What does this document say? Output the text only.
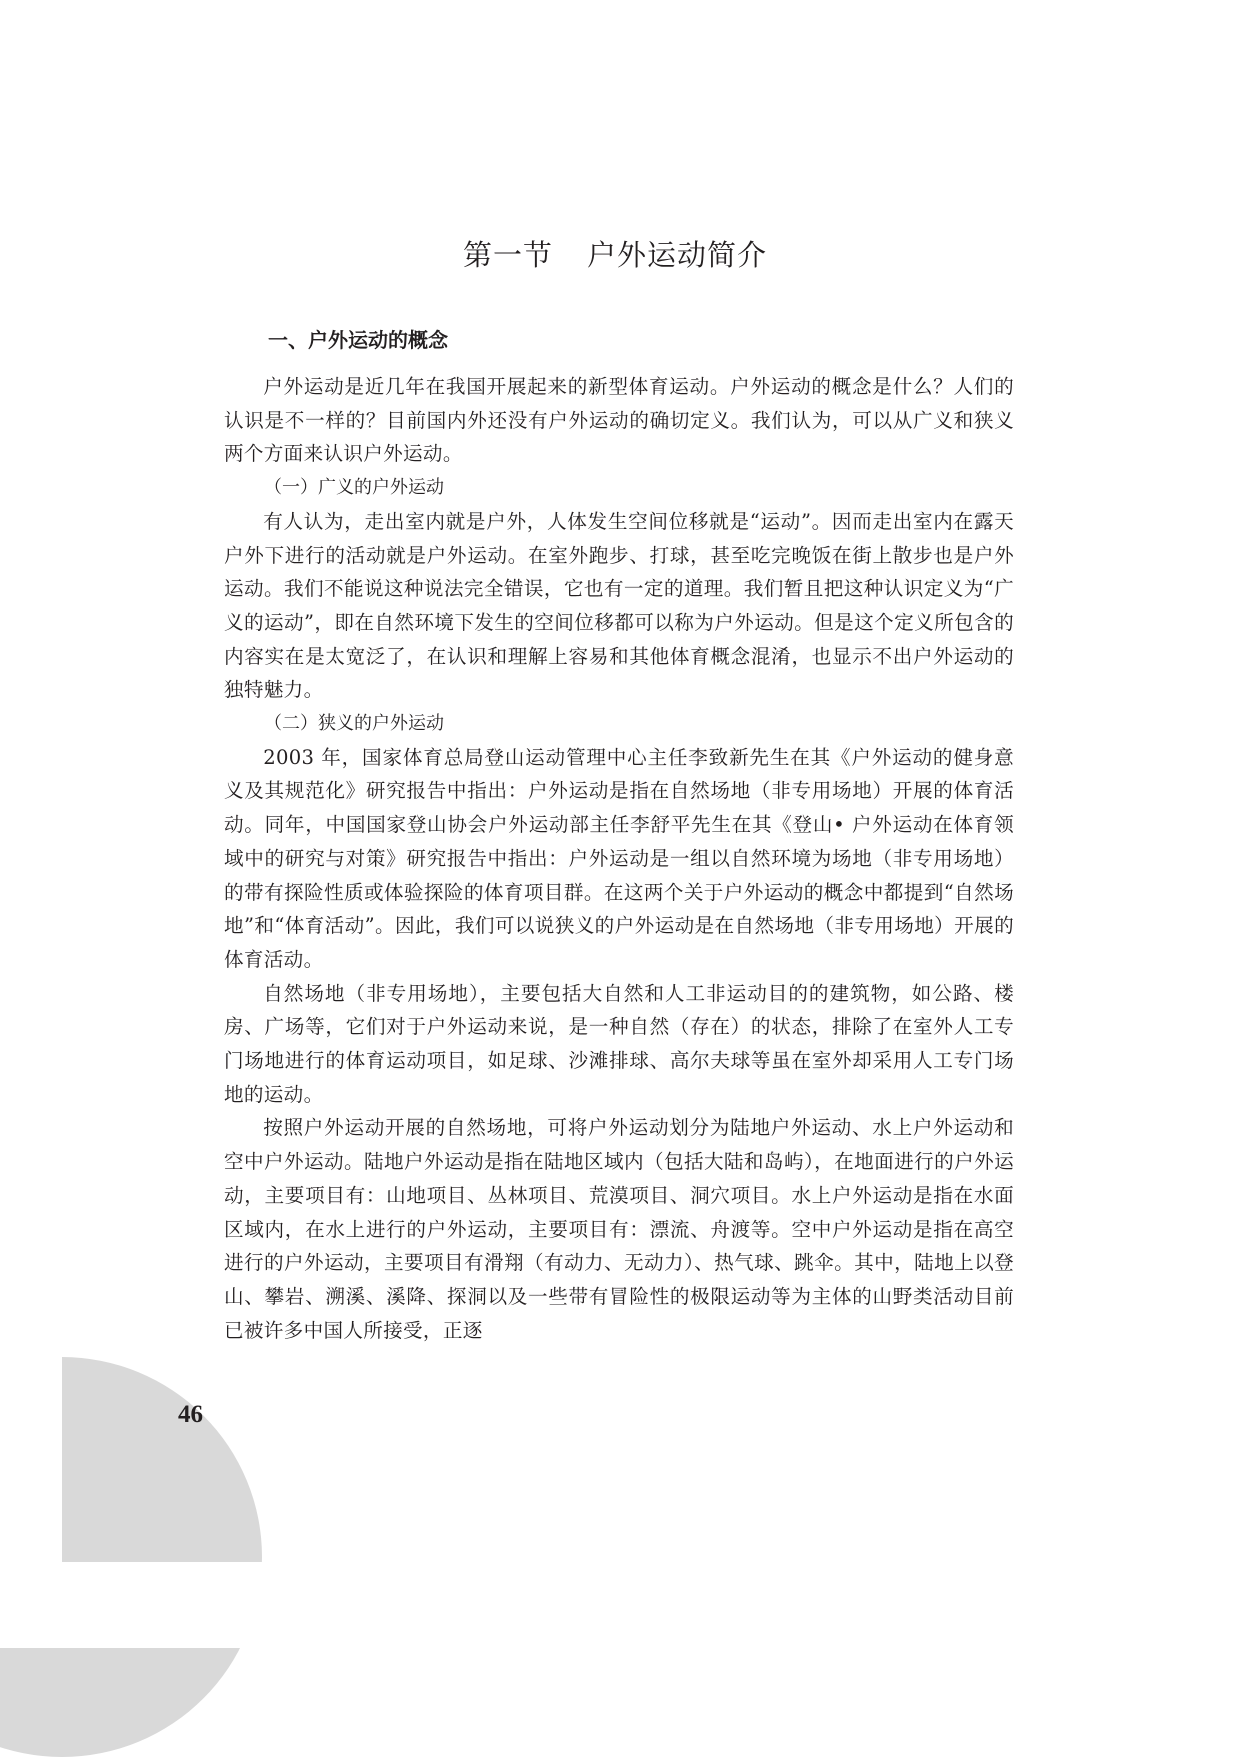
46
第一节 户外运动简介
一、户外运动的概念

户外运动是近几年在我国开展起来的新型体育运动。户外运动的概念是什么？人们的认识是不一样的？目前国内外还没有户外运动的确切定义。我们认为，可以从广义和狭义两个方面来认识户外运动。

（一）广义的户外运动

有人认为，走出室内就是户外，人体发生空间位移就是“运动”。因而走出室内在露天户外下进行的活动就是户外运动。在室外跑步、打球，甚至吃完晚饭在街上散步也是户外运动。我们不能说这种说法完全错误，它也有一定的道理。我们暂且把这种认识定义为“广义的运动”，即在自然环境下发生的空间位移都可以称为户外运动。但是这个定义所包含的内容实在是太宽泛了，在认识和理解上容易和其他体育概念混淆，也显示不出户外运动的独特魅力。

（二）狭义的户外运动

2003 年，国家体育总局登山运动管理中心主任李致新先生在其《户外运动的健身意义及其规范化》研究报告中指出：户外运动是指在自然场地（非专用场地）开展的体育活动。同年，中国国家登山协会户外运动部主任李舒平先生在其《登山• 户外运动在体育领域中的研究与对策》研究报告中指出：户外运动是一组以自然环境为场地（非专用场地）的带有探险性质或体验探险的体育项目群。在这两个关于户外运动的概念中都提到“自然场地”和“体育活动”。因此，我们可以说狭义的户外运动是在自然场地（非专用场地）开展的体育活动。

自然场地（非专用场地），主要包括大自然和人工非运动目的的建筑物，如公路、楼房、广场等，它们对于户外运动来说，是一种自然（存在）的状态，排除了在室外人工专门场地进行的体育运动项目，如足球、沙滩排球、高尔夫球等虽在室外却采用人工专门场地的运动。

按照户外运动开展的自然场地，可将户外运动划分为陆地户外运动、水上户外运动和空中户外运动。陆地户外运动是指在陆地区域内（包括大陆和岛屿），在地面进行的户外运动，主要项目有：山地项目、丛林项目、荒漠项目、洞穴项目。水上户外运动是指在水面区域内，在水上进行的户外运动，主要项目有：漂流、舟渡等。空中户外运动是指在高空进行的户外运动，主要项目有滑翔（有动力、无动力）、热气球、跳伞。其中，陆地上以登山、攀岩、溯溪、溪降、探洞以及一些带有冒险性的极限运动等为主体的山野类活动目前已被许多中国人所接受，正逐
